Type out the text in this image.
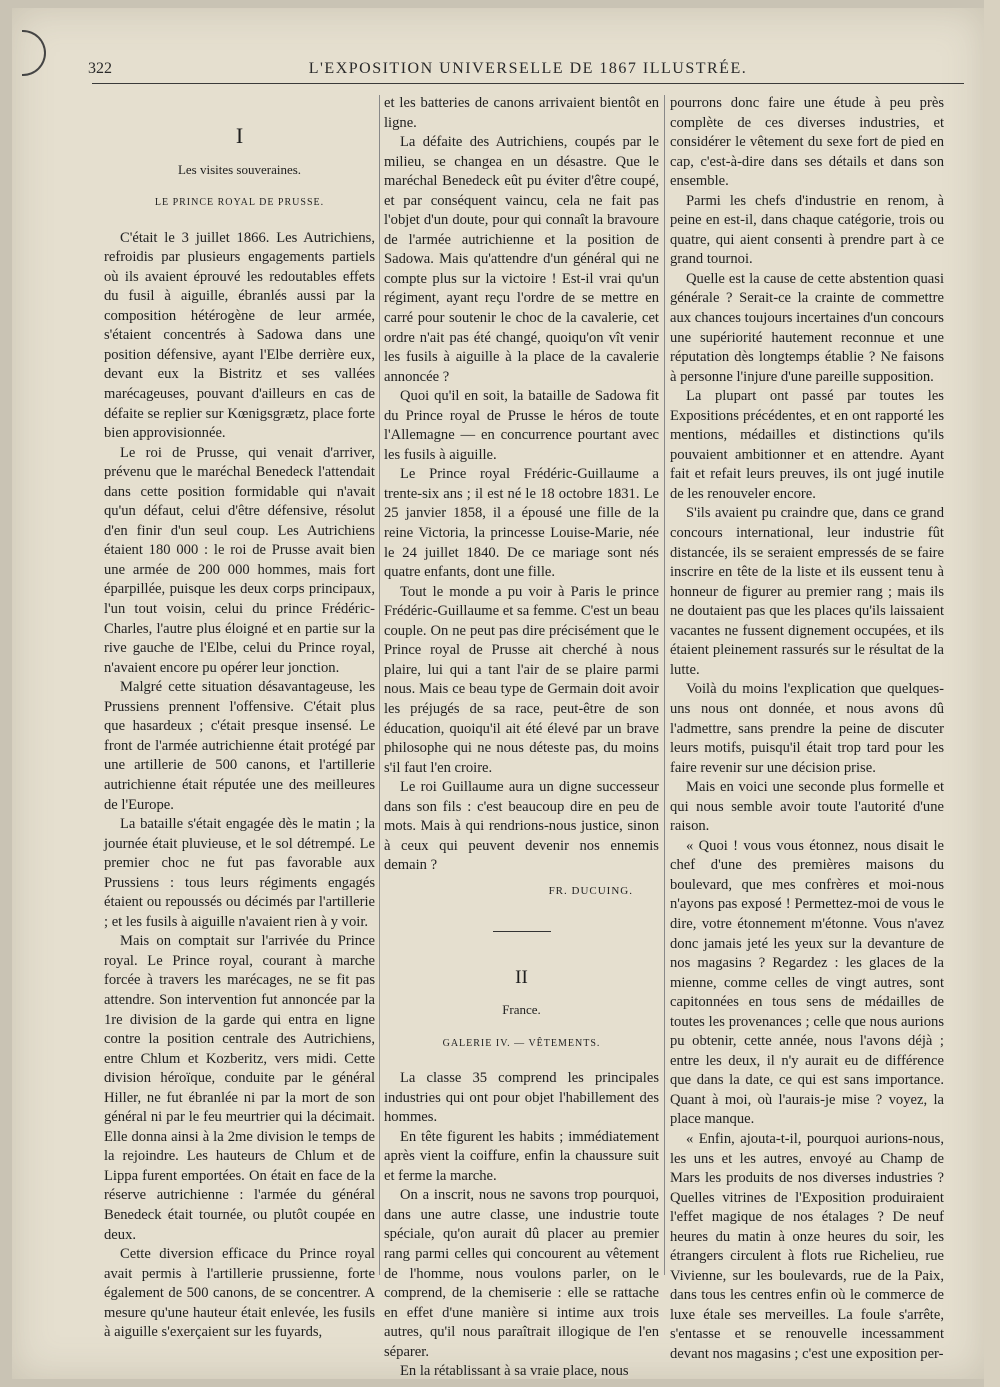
322	L'EXPOSITION UNIVERSELLE DE 1867 ILLUSTRÉE.
I
Les visites souveraines.
LE PRINCE ROYAL DE PRUSSE.

C'était le 3 juillet 1866. Les Autrichiens, refroidis par plusieurs engagements partiels où ils avaient éprouvé les redoutables effets du fusil à aiguille, ébranlés aussi par la composition hétérogène de leur armée, s'étaient concentrés à Sadowa dans une position défensive, ayant l'Elbe derrière eux, devant eux la Bistritz et ses vallées marécageuses, pouvant d'ailleurs en cas de défaite se replier sur Kœnigsgrætz, place forte bien approvisionnée.

Le roi de Prusse, qui venait d'arriver, prévenu que le maréchal Benedeck l'attendait dans cette position formidable qui n'avait qu'un défaut, celui d'être défensive, résolut d'en finir d'un seul coup. Les Autrichiens étaient 180 000 : le roi de Prusse avait bien une armée de 200 000 hommes, mais fort éparpillée, puisque les deux corps principaux, l'un tout voisin, celui du prince Frédéric-Charles, l'autre plus éloigné et en partie sur la rive gauche de l'Elbe, celui du Prince royal, n'avaient encore pu opérer leur jonction.

Malgré cette situation désavantageuse, les Prussiens prennent l'offensive. C'était plus que hasardeux ; c'était presque insensé. Le front de l'armée autrichienne était protégé par une artillerie de 500 canons, et l'artillerie autrichienne était réputée une des meilleures de l'Europe.

La bataille s'était engagée dès le matin ; la journée était pluvieuse, et le sol détrempé. Le premier choc ne fut pas favorable aux Prussiens : tous leurs régiments engagés étaient ou repoussés ou décimés par l'artillerie ; et les fusils à aiguille n'avaient rien à y voir.

Mais on comptait sur l'arrivée du Prince royal. Le Prince royal, courant à marche forcée à travers les marécages, ne se fit pas attendre. Son intervention fut annoncée par la 1re division de la garde qui entra en ligne contre la position centrale des Autrichiens, entre Chlum et Kozberitz, vers midi. Cette division héroïque, conduite par le général Hiller, ne fut ébranlée ni par la mort de son général ni par le feu meurtrier qui la décimait. Elle donna ainsi à la 2me division le temps de la rejoindre. Les hauteurs de Chlum et de Lippa furent emportées. On était en face de la réserve autrichienne : l'armée du général Benedeck était tournée, ou plutôt coupée en deux.

Cette diversion efficace du Prince royal avait permis à l'artillerie prussienne, forte également de 500 canons, de se concentrer. A mesure qu'une hauteur était enlevée, les fusils à aiguille s'exerçaient sur les fuyards,

et les batteries de canons arrivaient bientôt en ligne.

La défaite des Autrichiens, coupés par le milieu, se changea en un désastre. Que le maréchal Benedeck eût pu éviter d'être coupé, et par conséquent vaincu, cela ne fait pas l'objet d'un doute, pour qui connaît la bravoure de l'armée autrichienne et la position de Sadowa. Mais qu'attendre d'un général qui ne compte plus sur la victoire ! Est-il vrai qu'un régiment, ayant reçu l'ordre de se mettre en carré pour soutenir le choc de la cavalerie, cet ordre n'ait pas été changé, quoiqu'on vît venir les fusils à aiguille à la place de la cavalerie annoncée ?

Quoi qu'il en soit, la bataille de Sadowa fit du Prince royal de Prusse le héros de toute l'Allemagne — en concurrence pourtant avec les fusils à aiguille.

Le Prince royal Frédéric-Guillaume a trente-six ans ; il est né le 18 octobre 1831. Le 25 janvier 1858, il a épousé une fille de la reine Victoria, la princesse Louise-Marie, née le 24 juillet 1840. De ce mariage sont nés quatre enfants, dont une fille.

Tout le monde a pu voir à Paris le prince Frédéric-Guillaume et sa femme. C'est un beau couple. On ne peut pas dire précisément que le Prince royal de Prusse ait cherché à nous plaire, lui qui a tant l'air de se plaire parmi nous. Mais ce beau type de Germain doit avoir les préjugés de sa race, peut-être de son éducation, quoiqu'il ait été élevé par un brave philosophe qui ne nous déteste pas, du moins s'il faut l'en croire.

Le roi Guillaume aura un digne successeur dans son fils : c'est beaucoup dire en peu de mots. Mais à qui rendrions-nous justice, sinon à ceux qui peuvent devenir nos ennemis demain ?

FR. DUCUING.
II
France.
GALERIE IV. — VÊTEMENTS.

La classe 35 comprend les principales industries qui ont pour objet l'habillement des hommes.

En tête figurent les habits ; immédiatement après vient la coiffure, enfin la chaussure suit et ferme la marche.

On a inscrit, nous ne savons trop pourquoi, dans une autre classe, une industrie toute spéciale, qu'on aurait dû placer au premier rang parmi celles qui concourent au vêtement de l'homme, nous voulons parler, on le comprend, de la chemiserie : elle se rattache en effet d'une manière si intime aux trois autres, qu'il nous paraîtrait illogique de l'en séparer.

En la rétablissant à sa vraie place, nous

pourrons donc faire une étude à peu près complète de ces diverses industries, et considérer le vêtement du sexe fort de pied en cap, c'est-à-dire dans ses détails et dans son ensemble.

Parmi les chefs d'industrie en renom, à peine en est-il, dans chaque catégorie, trois ou quatre, qui aient consenti à prendre part à ce grand tournoi.

Quelle est la cause de cette abstention quasi générale ? Serait-ce la crainte de commettre aux chances toujours incertaines d'un concours une supériorité hautement reconnue et une réputation dès longtemps établie ? Ne faisons à personne l'injure d'une pareille supposition.

La plupart ont passé par toutes les Expositions précédentes, et en ont rapporté les mentions, médailles et distinctions qu'ils pouvaient ambitionner et en attendre. Ayant fait et refait leurs preuves, ils ont jugé inutile de les renouveler encore.

S'ils avaient pu craindre que, dans ce grand concours international, leur industrie fût distancée, ils se seraient empressés de se faire inscrire en tête de la liste et ils eussent tenu à honneur de figurer au premier rang ; mais ils ne doutaient pas que les places qu'ils laissaient vacantes ne fussent dignement occupées, et ils étaient pleinement rassurés sur le résultat de la lutte.

Voilà du moins l'explication que quelques-uns nous ont donnée, et nous avons dû l'admettre, sans prendre la peine de discuter leurs motifs, puisqu'il était trop tard pour les faire revenir sur une décision prise.

Mais en voici une seconde plus formelle et qui nous semble avoir toute l'autorité d'une raison.

« Quoi ! vous vous étonnez, nous disait le chef d'une des premières maisons du boulevard, que mes confrères et moi-nous n'ayons pas exposé ! Permettez-moi de vous le dire, votre étonnement m'étonne. Vous n'avez donc jamais jeté les yeux sur la devanture de nos magasins ? Regardez : les glaces de la mienne, comme celles de vingt autres, sont capitonnées en tous sens de médailles de toutes les provenances ; celle que nous aurions pu obtenir, cette année, nous l'avons déjà ; entre les deux, il n'y aurait eu de différence que dans la date, ce qui est sans importance. Quant à moi, où l'aurais-je mise ? voyez, la place manque.

« Enfin, ajouta-t-il, pourquoi aurions-nous, les uns et les autres, envoyé au Champ de Mars les produits de nos diverses industries ? Quelles vitrines de l'Exposition produiraient l'effet magique de nos étalages ? De neuf heures du matin à onze heures du soir, les étrangers circulent à flots rue Richelieu, rue Vivienne, sur les boulevards, rue de la Paix, dans tous les centres enfin où le commerce de luxe étale ses merveilles. La foule s'arrête, s'entasse et se renouvelle incessamment devant nos magasins ; c'est une exposition per-
